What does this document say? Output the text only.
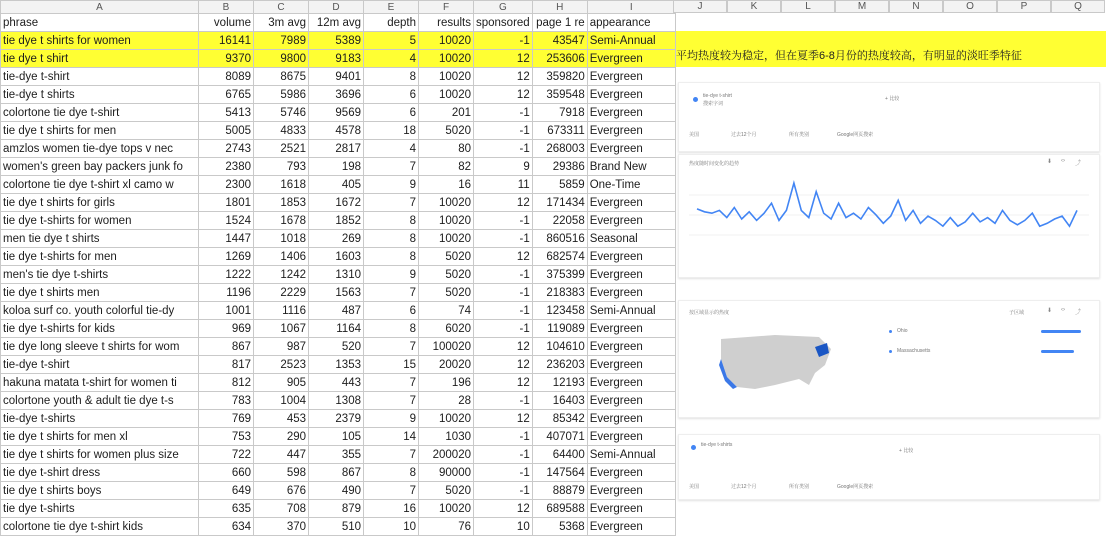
A	B	C	D	E	F	G	H	I
phrase	volume	3m avg	12m avg	depth	results	sponsored	page 1 re	appearance
tie dye t shirts for women	16141	7989	5389	5	10020	-1	43547	Semi-Annual
tie dye t shirt	9370	9800	9183	4	10020	12	253606	Evergreen
tie-dye t-shirt	8089	8675	9401	8	10020	12	359820	Evergreen
tie-dye t shirts	6765	5986	3696	6	10020	12	359548	Evergreen
colortone tie dye t-shirt	5413	5746	9569	6	201	-1	7918	Evergreen
tie dye t shirts for men	5005	4833	4578	18	5020	-1	673311	Evergreen
amzlos women tie-dye tops v nec	2743	2521	2817	4	80	-1	268003	Evergreen
women's green bay packers junk fo	2380	793	198	7	82	9	29386	Brand New
colortone tie dye t-shirt xl camo w	2300	1618	405	9	16	11	5859	One-Time
tie dye t shirts for girls	1801	1853	1672	7	10020	12	171434	Evergreen
tie dye t-shirts for women	1524	1678	1852	8	10020	-1	22058	Evergreen
men tie dye t shirts	1447	1018	269	8	10020	-1	860516	Seasonal
tie dye t-shirts for men	1269	1406	1603	8	5020	12	682574	Evergreen
men's tie dye t-shirts	1222	1242	1310	9	5020	-1	375399	Evergreen
tie dye t shirts men	1196	2229	1563	7	5020	-1	218383	Evergreen
koloa surf co. youth colorful tie-dy	1001	1116	487	6	74	-1	123458	Semi-Annual
tie dye t-shirts for kids	969	1067	1164	8	6020	-1	119089	Evergreen
tie dye long sleeve t shirts for wom	867	987	520	7	100020	12	104610	Evergreen
tie-dye t-shirt	817	2523	1353	15	20020	12	236203	Evergreen
hakuna matata t-shirt for women ti	812	905	443	7	196	12	12193	Evergreen
colortone youth & adult tie dye t-s	783	1004	1308	7	28	-1	16403	Evergreen
tie-dye t-shirts	769	453	2379	9	10020	12	85342	Evergreen
tie dye t shirts for men xl	753	290	105	14	1030	-1	407071	Evergreen
tie dye t shirts for women plus size	722	447	355	7	200020	-1	64400	Semi-Annual
tie dye t-shirt dress	660	598	867	8	90000	-1	147564	Evergreen
tie dye t shirts boys	649	676	490	7	5020	-1	88879	Evergreen
tie dye t-shirts	635	708	879	16	10020	12	689588	Evergreen
colortone tie dye t-shirt kids	634	370	510	10	76	10	5368	Evergreen
J	K	L	M	N	O	P	Q
平均热度较为稳定，但在夏季6-8月份的热度较高，有明显的淡旺季特征
tie-dye t-shirt
搜索字词
+ 比较
美国	过去12个月	所有类别	Google网页搜索
热度随时间变化的趋势	⬇ ‹› ⤴
按区域显示的热度	子区域	⬇ ‹› ⤴
Ohio
Massachusetts
tie-dye t-shirts
+ 比较
美国	过去12个月	所有类别	Google网页搜索
